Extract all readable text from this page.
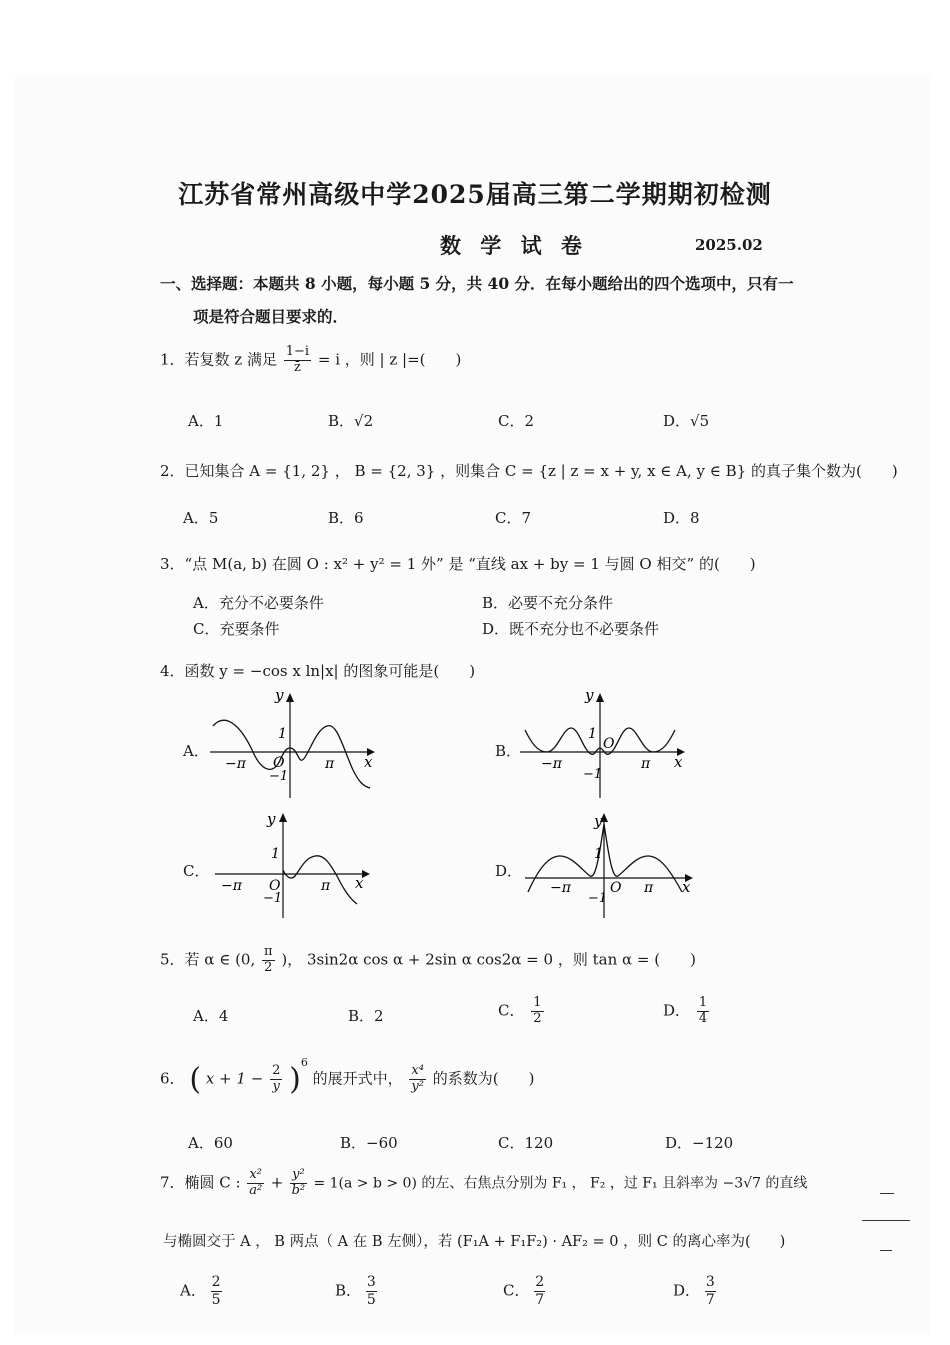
江苏省常州高级中学2025届高三第二学期期初检测
数 学 试 卷	2025.02
一、选择题：本题共 8 小题，每小题 5 分，共 40 分．在每小题给出的四个选项中，只有一
项是符合题目要求的．
1．若复数 z 满足 $\frac{1-i}{z̄} = i$ ，则 | z |=(　　)
A．1	B．√2	C．2	D．√5
2．已知集合 A = {1, 2} ， B = {2, 3} ，则集合 C = {z | z = x + y, x ∈ A, y ∈ B} 的真子集个数为(　　)
A．5	B．6	C．7	D．8
3．“点 M(a, b) 在圆 O : x² + y² = 1 外” 是 “直线 ax + by = 1 与圆 O 相交” 的(　　)
A．充分不必要条件	B．必要不充分条件
C．充要条件	D．既不充分也不必要条件
4．函数 y = −cos x ln|x| 的图象可能是(　　)
A．
y
x
1
O
−1
−π	π
B．
y
x
1
O
−1
−π	π
C．
y
x
1
O
−1
−π	π
D．
y
x
1
O
−1
−π	π
5．若 α ∈ (0, $\frac{\pi}{2}$ )， 3sin2α cos α + 2sin α cos2α = 0 ，则 tan α = (　　)
A．4	B．2	C． $\frac{1}{2}$	D． $\frac{1}{4}$
6． ( $x + 1 - \frac{2}{y} )^6$ 的展开式中， $\frac{\text{x⁴}}{\text{y²}}$ 的系数为(　　)
A．60	B．−60	C．120	D．−120
7．椭圆 C : $\frac{\text{x²}}{\text{a²}} + \frac{\text{y²}}{\text{b²}} = 1(a > b > 0)$ 的左、右焦点分别为 F₁ ， F₂ ，过 F₁ 且斜率为 −3√7 的直线
与椭圆交于 A ， B 两点（ A 在 B 左侧），若 (F₁A + F₁F₂) · AF₂ = 0 ，则 C 的离心率为(　　)
A． $\frac{2}{5}$	B． $\frac{3}{5}$	C． $\frac{2}{7}$	D． $\frac{3}{7}$
